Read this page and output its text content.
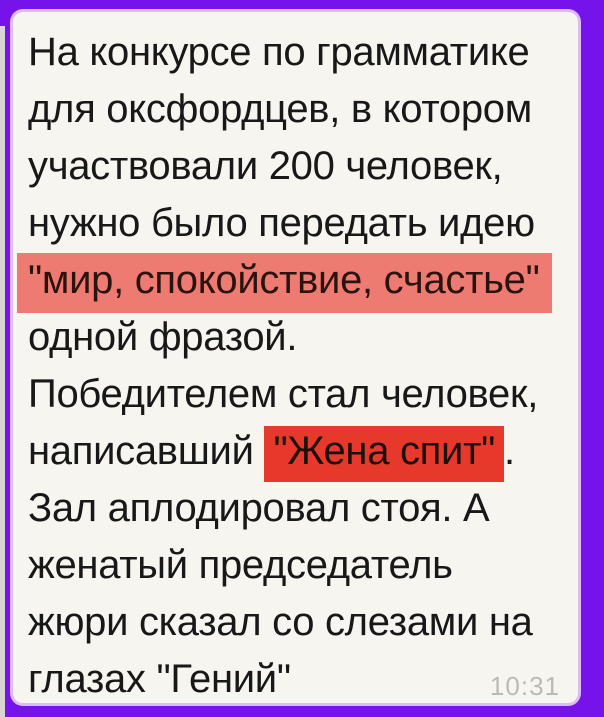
На конкурсе по грамматике
для оксфордцев, в котором
участвовали 200 человек,
нужно было передать идею
"мир, спокойствие, счастье"
одной фразой.
Победителем стал человек,
написавший "Жена спит" .
Зал аплодировал стоя. А
женатый председатель
жюри сказал со слезами на
глазах "Гений"	10:31
